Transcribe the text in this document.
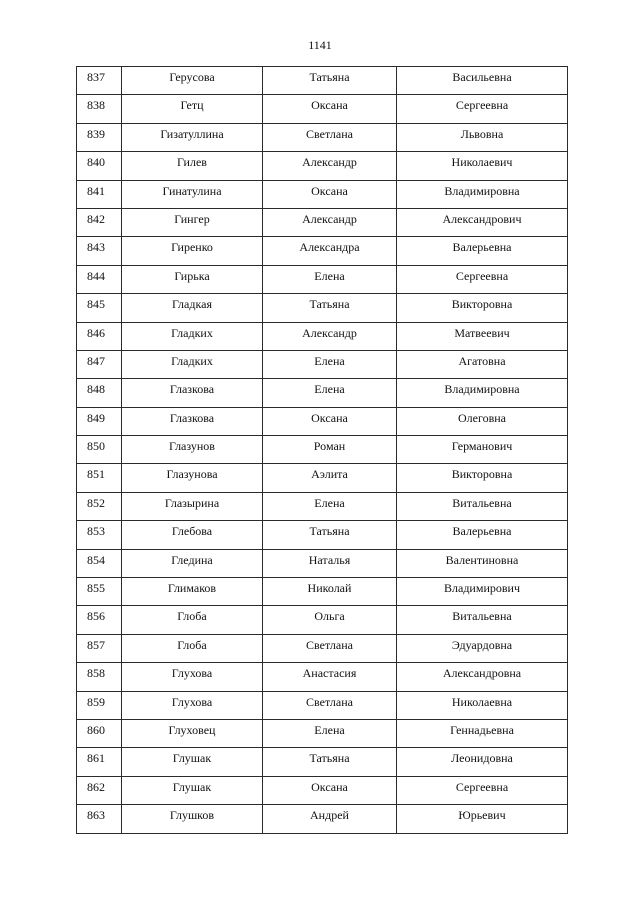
1141
837	Герусова	Татьяна	Васильевна

838	Гетц	Оксана	Сергеевна

839	Гизатуллина	Светлана	Львовна

840	Гилев	Александр	Николаевич

841	Гинатулина	Оксана	Владимировна

842	Гингер	Александр	Александрович

843	Гиренко	Александра	Валерьевна

844	Гирька	Елена	Сергеевна

845	Гладкая	Татьяна	Викторовна

846	Гладких	Александр	Матвеевич

847	Гладких	Елена	Агатовна

848	Глазкова	Елена	Владимировна

849	Глазкова	Оксана	Олеговна

850	Глазунов	Роман	Германович

851	Глазунова	Аэлита	Викторовна

852	Глазырина	Елена	Витальевна

853	Глебова	Татьяна	Валерьевна

854	Гледина	Наталья	Валентиновна

855	Глимаков	Николай	Владимирович

856	Глоба	Ольга	Витальевна

857	Глоба	Светлана	Эдуардовна

858	Глухова	Анастасия	Александровна

859	Глухова	Светлана	Николаевна

860	Глуховец	Елена	Геннадьевна

861	Глушак	Татьяна	Леонидовна

862	Глушак	Оксана	Сергеевна

863	Глушков	Андрей	Юрьевич
